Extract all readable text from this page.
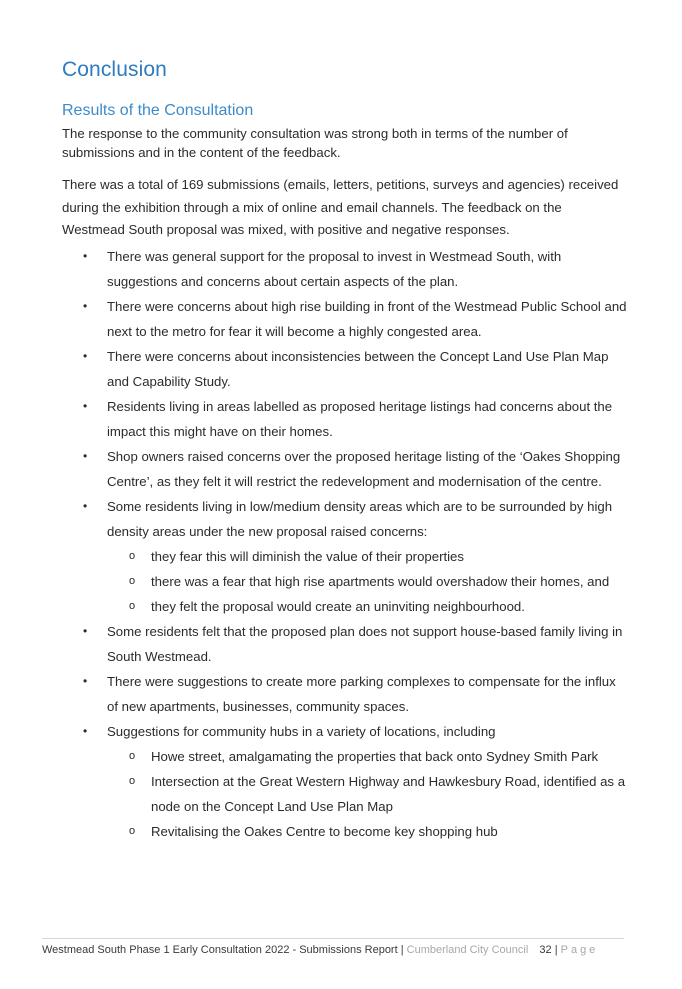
Conclusion
Results of the Consultation

The response to the community consultation was strong both in terms of the number of submissions and in the content of the feedback.

There was a total of 169 submissions (emails, letters, petitions, surveys and agencies) received during the exhibition through a mix of online and email channels. The feedback on the Westmead South proposal was mixed, with positive and negative responses.

• There was general support for the proposal to invest in Westmead South, with suggestions and concerns about certain aspects of the plan.
• There were concerns about high rise building in front of the Westmead Public School and next to the metro for fear it will become a highly congested area.
• There were concerns about inconsistencies between the Concept Land Use Plan Map and Capability Study.
• Residents living in areas labelled as proposed heritage listings had concerns about the impact this might have on their homes.
• Shop owners raised concerns over the proposed heritage listing of the ‘Oakes Shopping Centre’, as they felt it will restrict the redevelopment and modernisation of the centre.
• Some residents living in low/medium density areas which are to be surrounded by high density areas under the new proposal raised concerns:
o they fear this will diminish the value of their properties
o there was a fear that high rise apartments would overshadow their homes, and
o they felt the proposal would create an uninviting neighbourhood.
• Some residents felt that the proposed plan does not support house-based family living in South Westmead.
• There were suggestions to create more parking complexes to compensate for the influx of new apartments, businesses, community spaces.
• Suggestions for community hubs in a variety of locations, including
o Howe street, amalgamating the properties that back onto Sydney Smith Park
o Intersection at the Great Western Highway and Hawkesbury Road, identified as a node on the Concept Land Use Plan Map
o Revitalising the Oakes Centre to become key shopping hub
Westmead South Phase 1 Early Consultation 2022 - Submissions Report | Cumberland City Council 32 | Page
